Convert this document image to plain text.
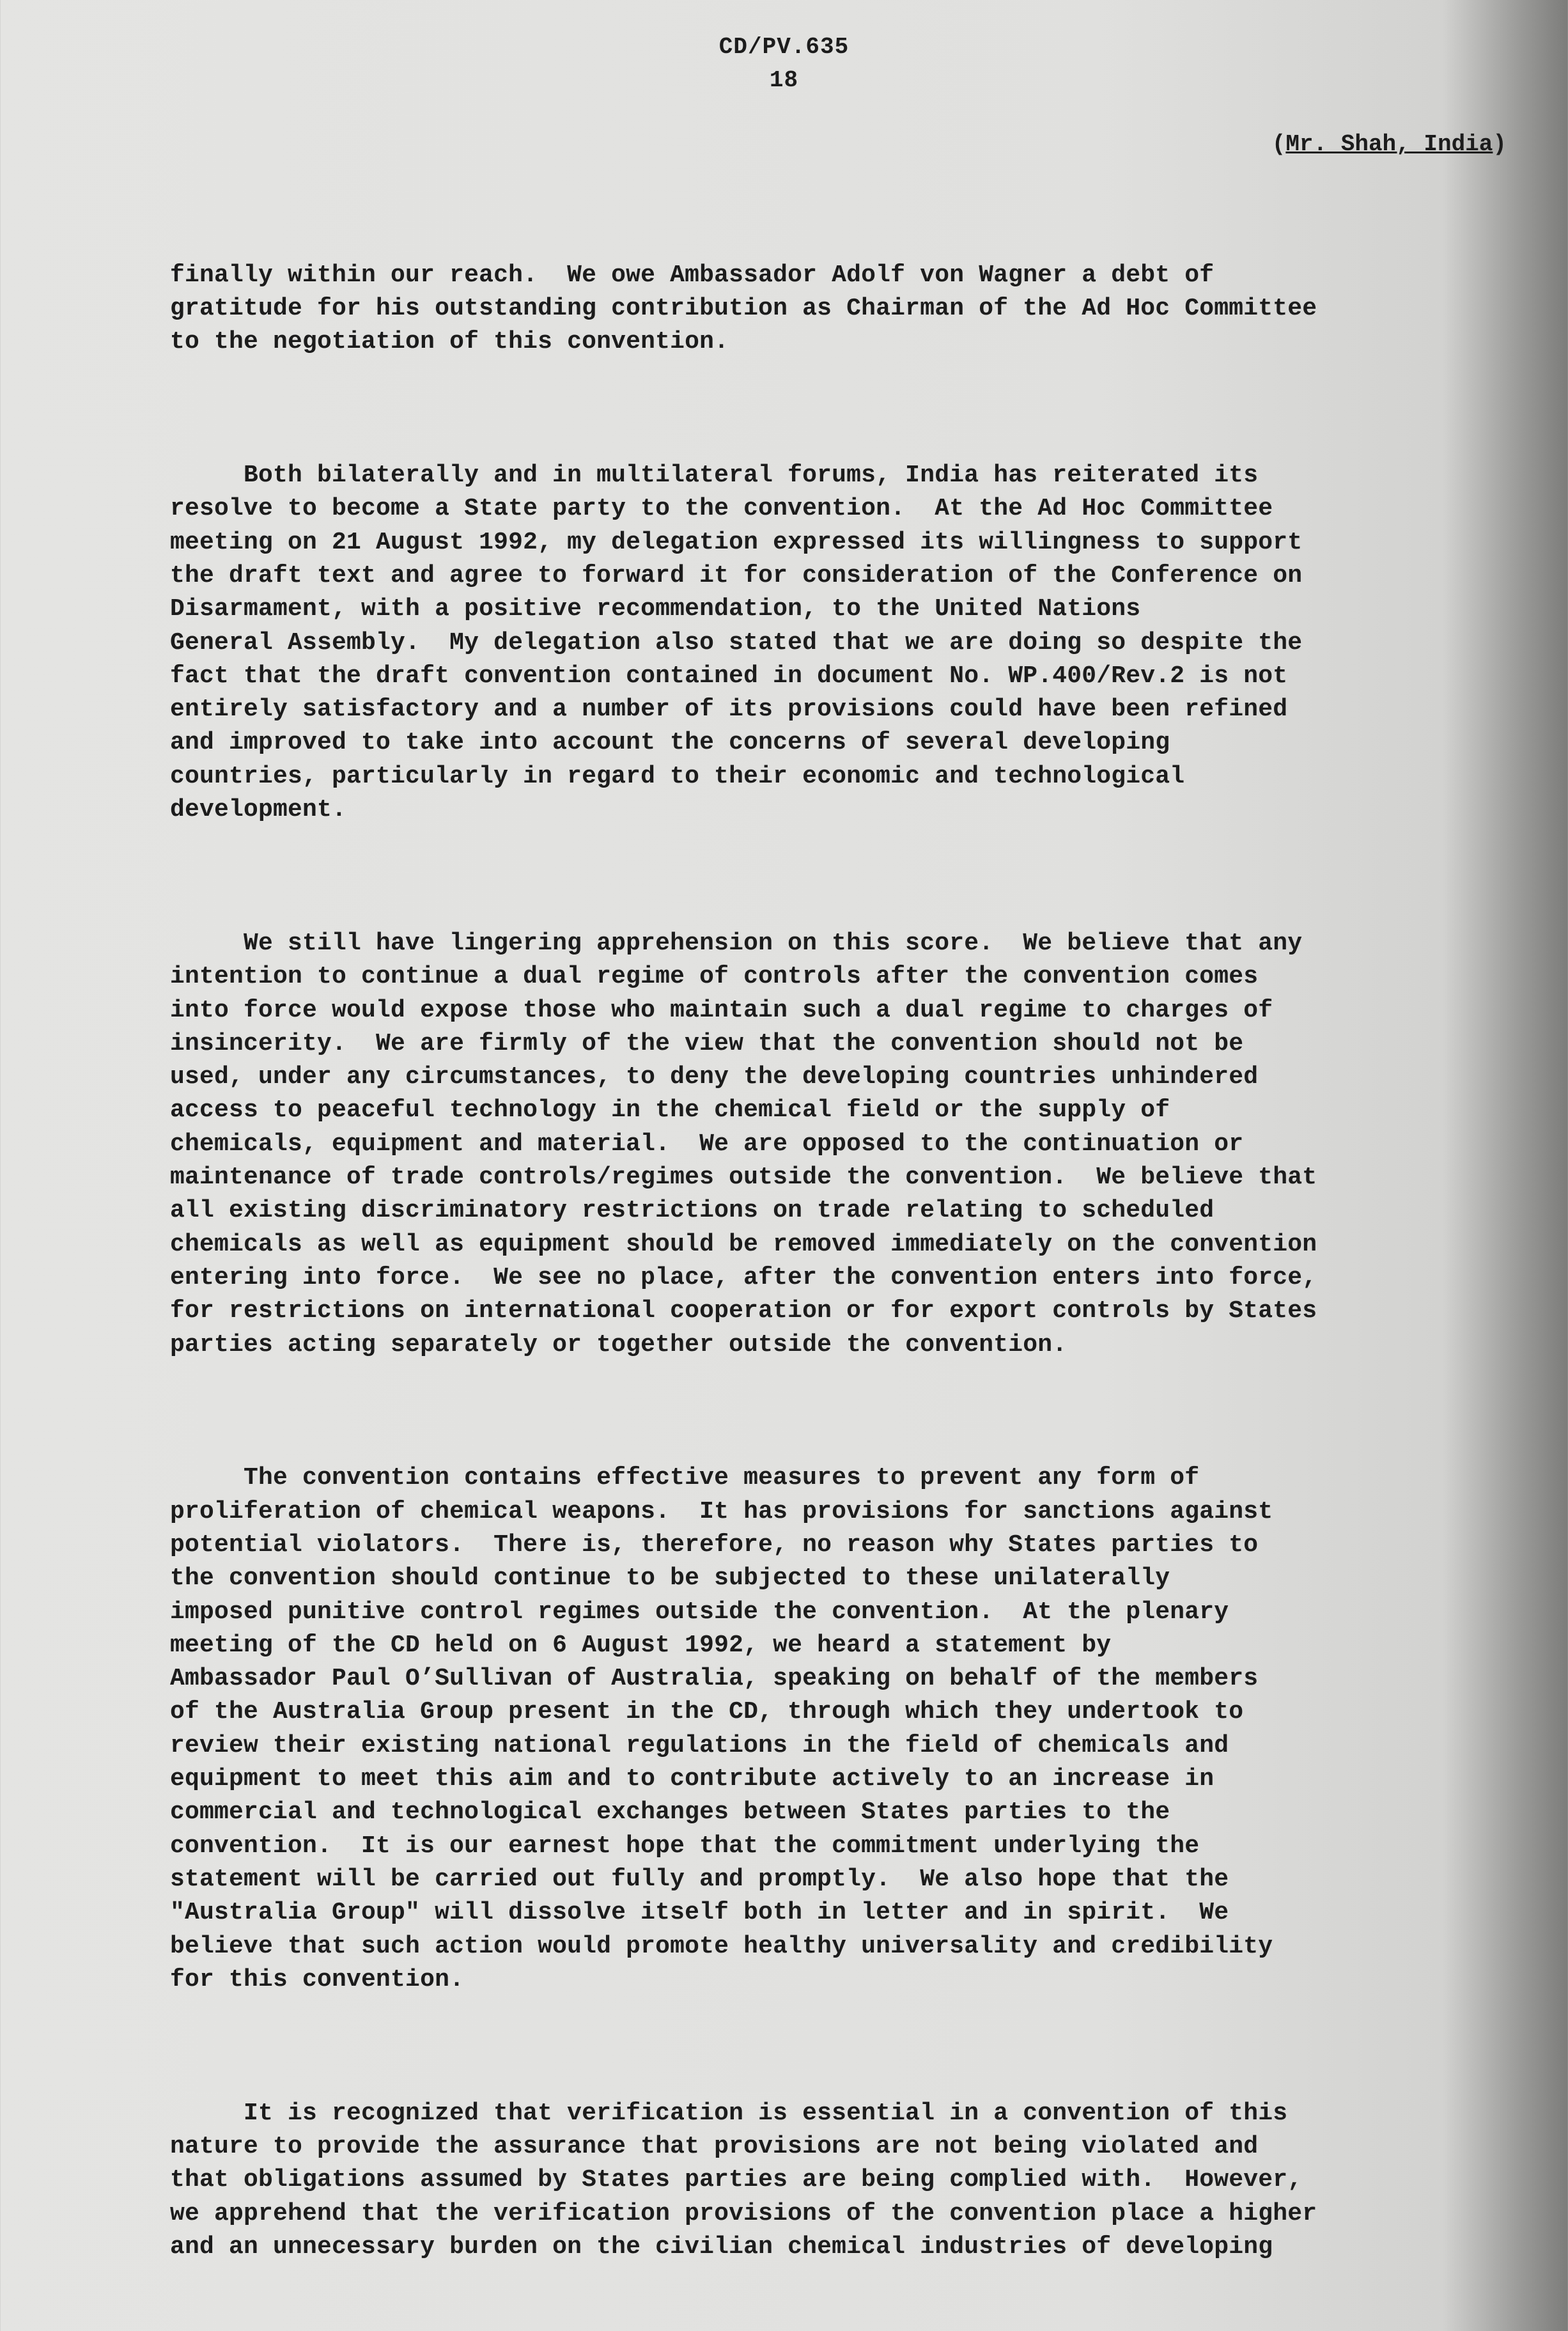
CD/PV.635
18
(Mr. Shah, India)

finally within our reach.  We owe Ambassador Adolf von Wagner a debt of
gratitude for his outstanding contribution as Chairman of the Ad Hoc Committee
to the negotiation of this convention.

Both bilaterally and in multilateral forums, India has reiterated its
resolve to become a State party to the convention.  At the Ad Hoc Committee
meeting on 21 August 1992, my delegation expressed its willingness to support
the draft text and agree to forward it for consideration of the Conference on
Disarmament, with a positive recommendation, to the United Nations
General Assembly.  My delegation also stated that we are doing so despite the
fact that the draft convention contained in document No. WP.400/Rev.2 is not
entirely satisfactory and a number of its provisions could have been refined
and improved to take into account the concerns of several developing
countries, particularly in regard to their economic and technological
development.

We still have lingering apprehension on this score.  We believe that any
intention to continue a dual regime of controls after the convention comes
into force would expose those who maintain such a dual regime to charges of
insincerity.  We are firmly of the view that the convention should not be
used, under any circumstances, to deny the developing countries unhindered
access to peaceful technology in the chemical field or the supply of
chemicals, equipment and material.  We are opposed to the continuation or
maintenance of trade controls/regimes outside the convention.  We believe that
all existing discriminatory restrictions on trade relating to scheduled
chemicals as well as equipment should be removed immediately on the convention
entering into force.  We see no place, after the convention enters into force,
for restrictions on international cooperation or for export controls by States
parties acting separately or together outside the convention.

The convention contains effective measures to prevent any form of
proliferation of chemical weapons.  It has provisions for sanctions against
potential violators.  There is, therefore, no reason why States parties to
the convention should continue to be subjected to these unilaterally
imposed punitive control regimes outside the convention.  At the plenary
meeting of the CD held on 6 August 1992, we heard a statement by
Ambassador Paul O’Sullivan of Australia, speaking on behalf of the members
of the Australia Group present in the CD, through which they undertook to
review their existing national regulations in the field of chemicals and
equipment to meet this aim and to contribute actively to an increase in
commercial and technological exchanges between States parties to the
convention.  It is our earnest hope that the commitment underlying the
statement will be carried out fully and promptly.  We also hope that the
"Australia Group" will dissolve itself both in letter and in spirit.  We
believe that such action would promote healthy universality and credibility
for this convention.

It is recognized that verification is essential in a convention of this
nature to provide the assurance that provisions are not being violated and
that obligations assumed by States parties are being complied with.  However,
we apprehend that the verification provisions of the convention place a higher
and an unnecessary burden on the civilian chemical industries of developing
